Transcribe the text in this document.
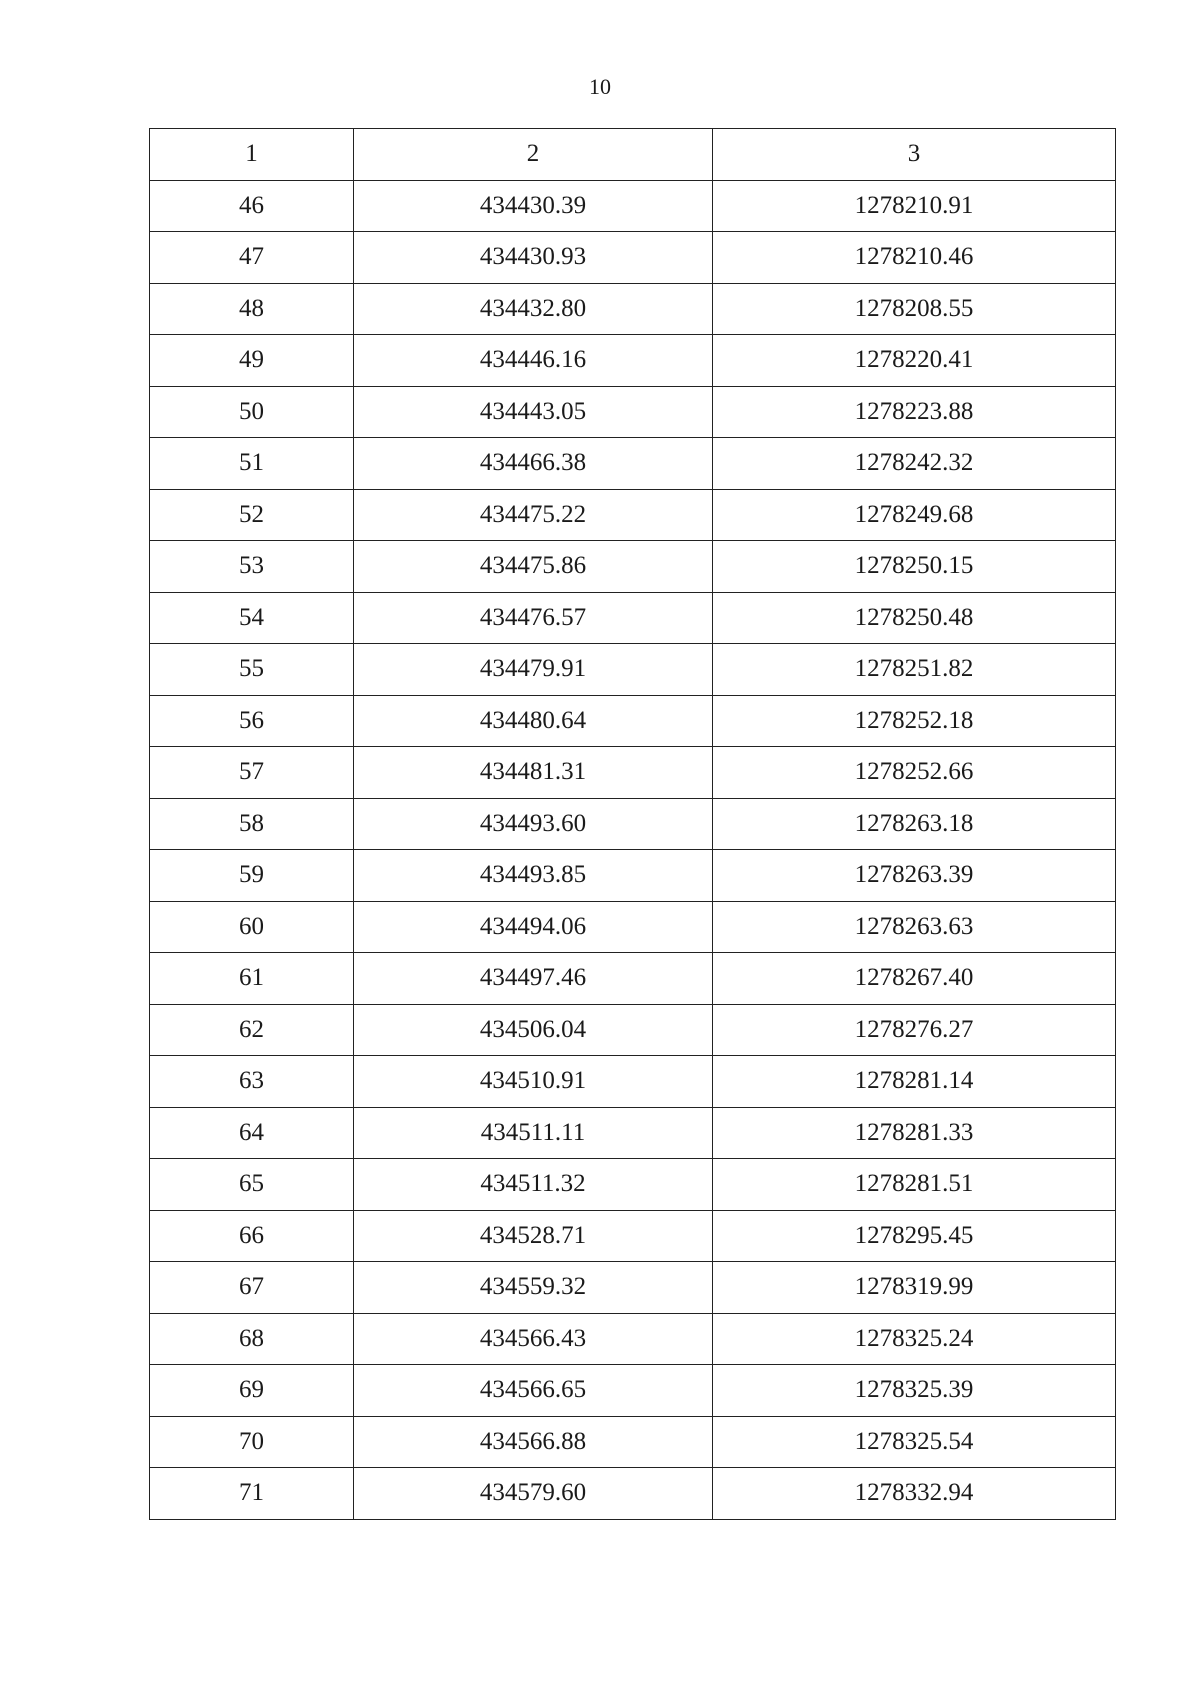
10
1	2	3
46	434430.39	1278210.91
47	434430.93	1278210.46
48	434432.80	1278208.55
49	434446.16	1278220.41
50	434443.05	1278223.88
51	434466.38	1278242.32
52	434475.22	1278249.68
53	434475.86	1278250.15
54	434476.57	1278250.48
55	434479.91	1278251.82
56	434480.64	1278252.18
57	434481.31	1278252.66
58	434493.60	1278263.18
59	434493.85	1278263.39
60	434494.06	1278263.63
61	434497.46	1278267.40
62	434506.04	1278276.27
63	434510.91	1278281.14
64	434511.11	1278281.33
65	434511.32	1278281.51
66	434528.71	1278295.45
67	434559.32	1278319.99
68	434566.43	1278325.24
69	434566.65	1278325.39
70	434566.88	1278325.54
71	434579.60	1278332.94
